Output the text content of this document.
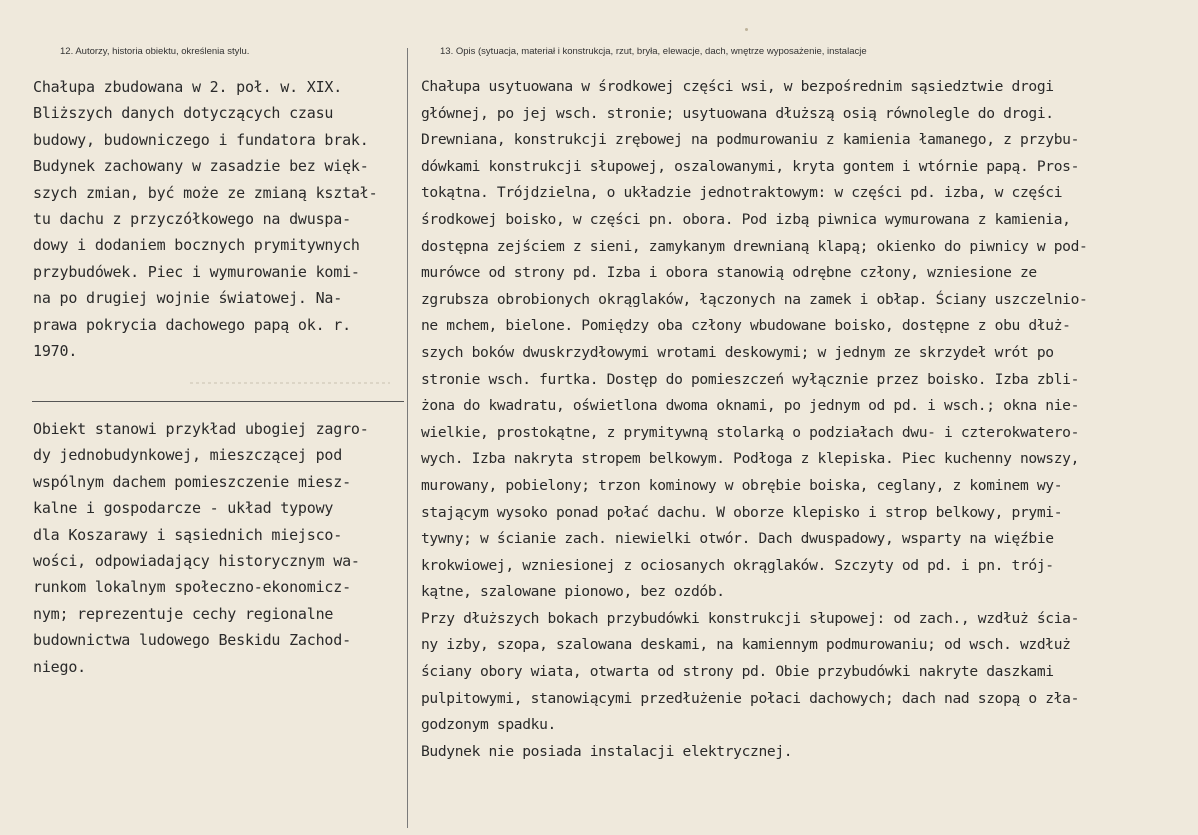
12. Autorzy, historia obiektu, określenia stylu.	13. Opis (sytuacja, materiał i konstrukcja, rzut, bryła, elewacje, dach, wnętrze wyposażenie, instalacje
Chałupa zbudowana w 2. poł. w. XIX.
Bliższych danych dotyczących czasu
budowy, budowniczego i fundatora brak.
Budynek zachowany w zasadzie bez więk-
szych zmian, być może ze zmianą kształ-
tu dachu z przyczółkowego na dwuspa-
dowy i dodaniem bocznych prymitywnych
przybudówek. Piec i wymurowanie komi-
na po drugiej wojnie światowej. Na-
prawa pokrycia dachowego papą ok. r.
1970.
Obiekt stanowi przykład ubogiej zagro-
dy jednobudynkowej, mieszczącej pod
wspólnym dachem pomieszczenie miesz-
kalne i gospodarcze - układ typowy
dla Koszarawy i sąsiednich miejsco-
wości, odpowiadający historycznym wa-
runkom lokalnym społeczno-ekonomicz-
nym; reprezentuje cechy regionalne
budownictwa ludowego Beskidu Zachod-
niego.
Chałupa usytuowana w środkowej części wsi, w bezpośrednim sąsiedztwie drogi
głównej, po jej wsch. stronie; usytuowana dłuższą osią równolegle do drogi.
Drewniana, konstrukcji zrębowej na podmurowaniu z kamienia łamanego, z przybu-
dówkami konstrukcji słupowej, oszalowanymi, kryta gontem i wtórnie papą. Pros-
tokątna. Trójdzielna, o układzie jednotraktowym: w części pd. izba, w części
środkowej boisko, w części pn. obora. Pod izbą piwnica wymurowana z kamienia,
dostępna zejściem z sieni, zamykanym drewnianą klapą; okienko do piwnicy w pod-
murówce od strony pd. Izba i obora stanowią odrębne człony, wzniesione ze
zgrubsza obrobionych okrąglaków, łączonych na zamek i obłap. Ściany uszczelnio-
ne mchem, bielone. Pomiędzy oba człony wbudowane boisko, dostępne z obu dłuż-
szych boków dwuskrzydłowymi wrotami deskowymi; w jednym ze skrzydeł wrót po
stronie wsch. furtka. Dostęp do pomieszczeń wyłącznie przez boisko. Izba zbli-
żona do kwadratu, oświetlona dwoma oknami, po jednym od pd. i wsch.; okna nie-
wielkie, prostokątne, z prymitywną stolarką o podziałach dwu- i czterokwatero-
wych. Izba nakryta stropem belkowym. Podłoga z klepiska. Piec kuchenny nowszy,
murowany, pobielony; trzon kominowy w obrębie boiska, ceglany, z kominem wy-
stającym wysoko ponad połać dachu. W oborze klepisko i strop belkowy, prymi-
tywny; w ścianie zach. niewielki otwór. Dach dwuspadowy, wsparty na więźbie
krokwiowej, wzniesionej z ociosanych okrąglaków. Szczyty od pd. i pn. trój-
kątne, szalowane pionowo, bez ozdób.
Przy dłuższych bokach przybudówki konstrukcji słupowej: od zach., wzdłuż ścia-
ny izby, szopa, szalowana deskami, na kamiennym podmurowaniu; od wsch. wzdłuż
ściany obory wiata, otwarta od strony pd. Obie przybudówki nakryte daszkami
pulpitowymi, stanowiącymi przedłużenie połaci dachowych; dach nad szopą o zła-
godzonym spadku.
Budynek nie posiada instalacji elektrycznej.
